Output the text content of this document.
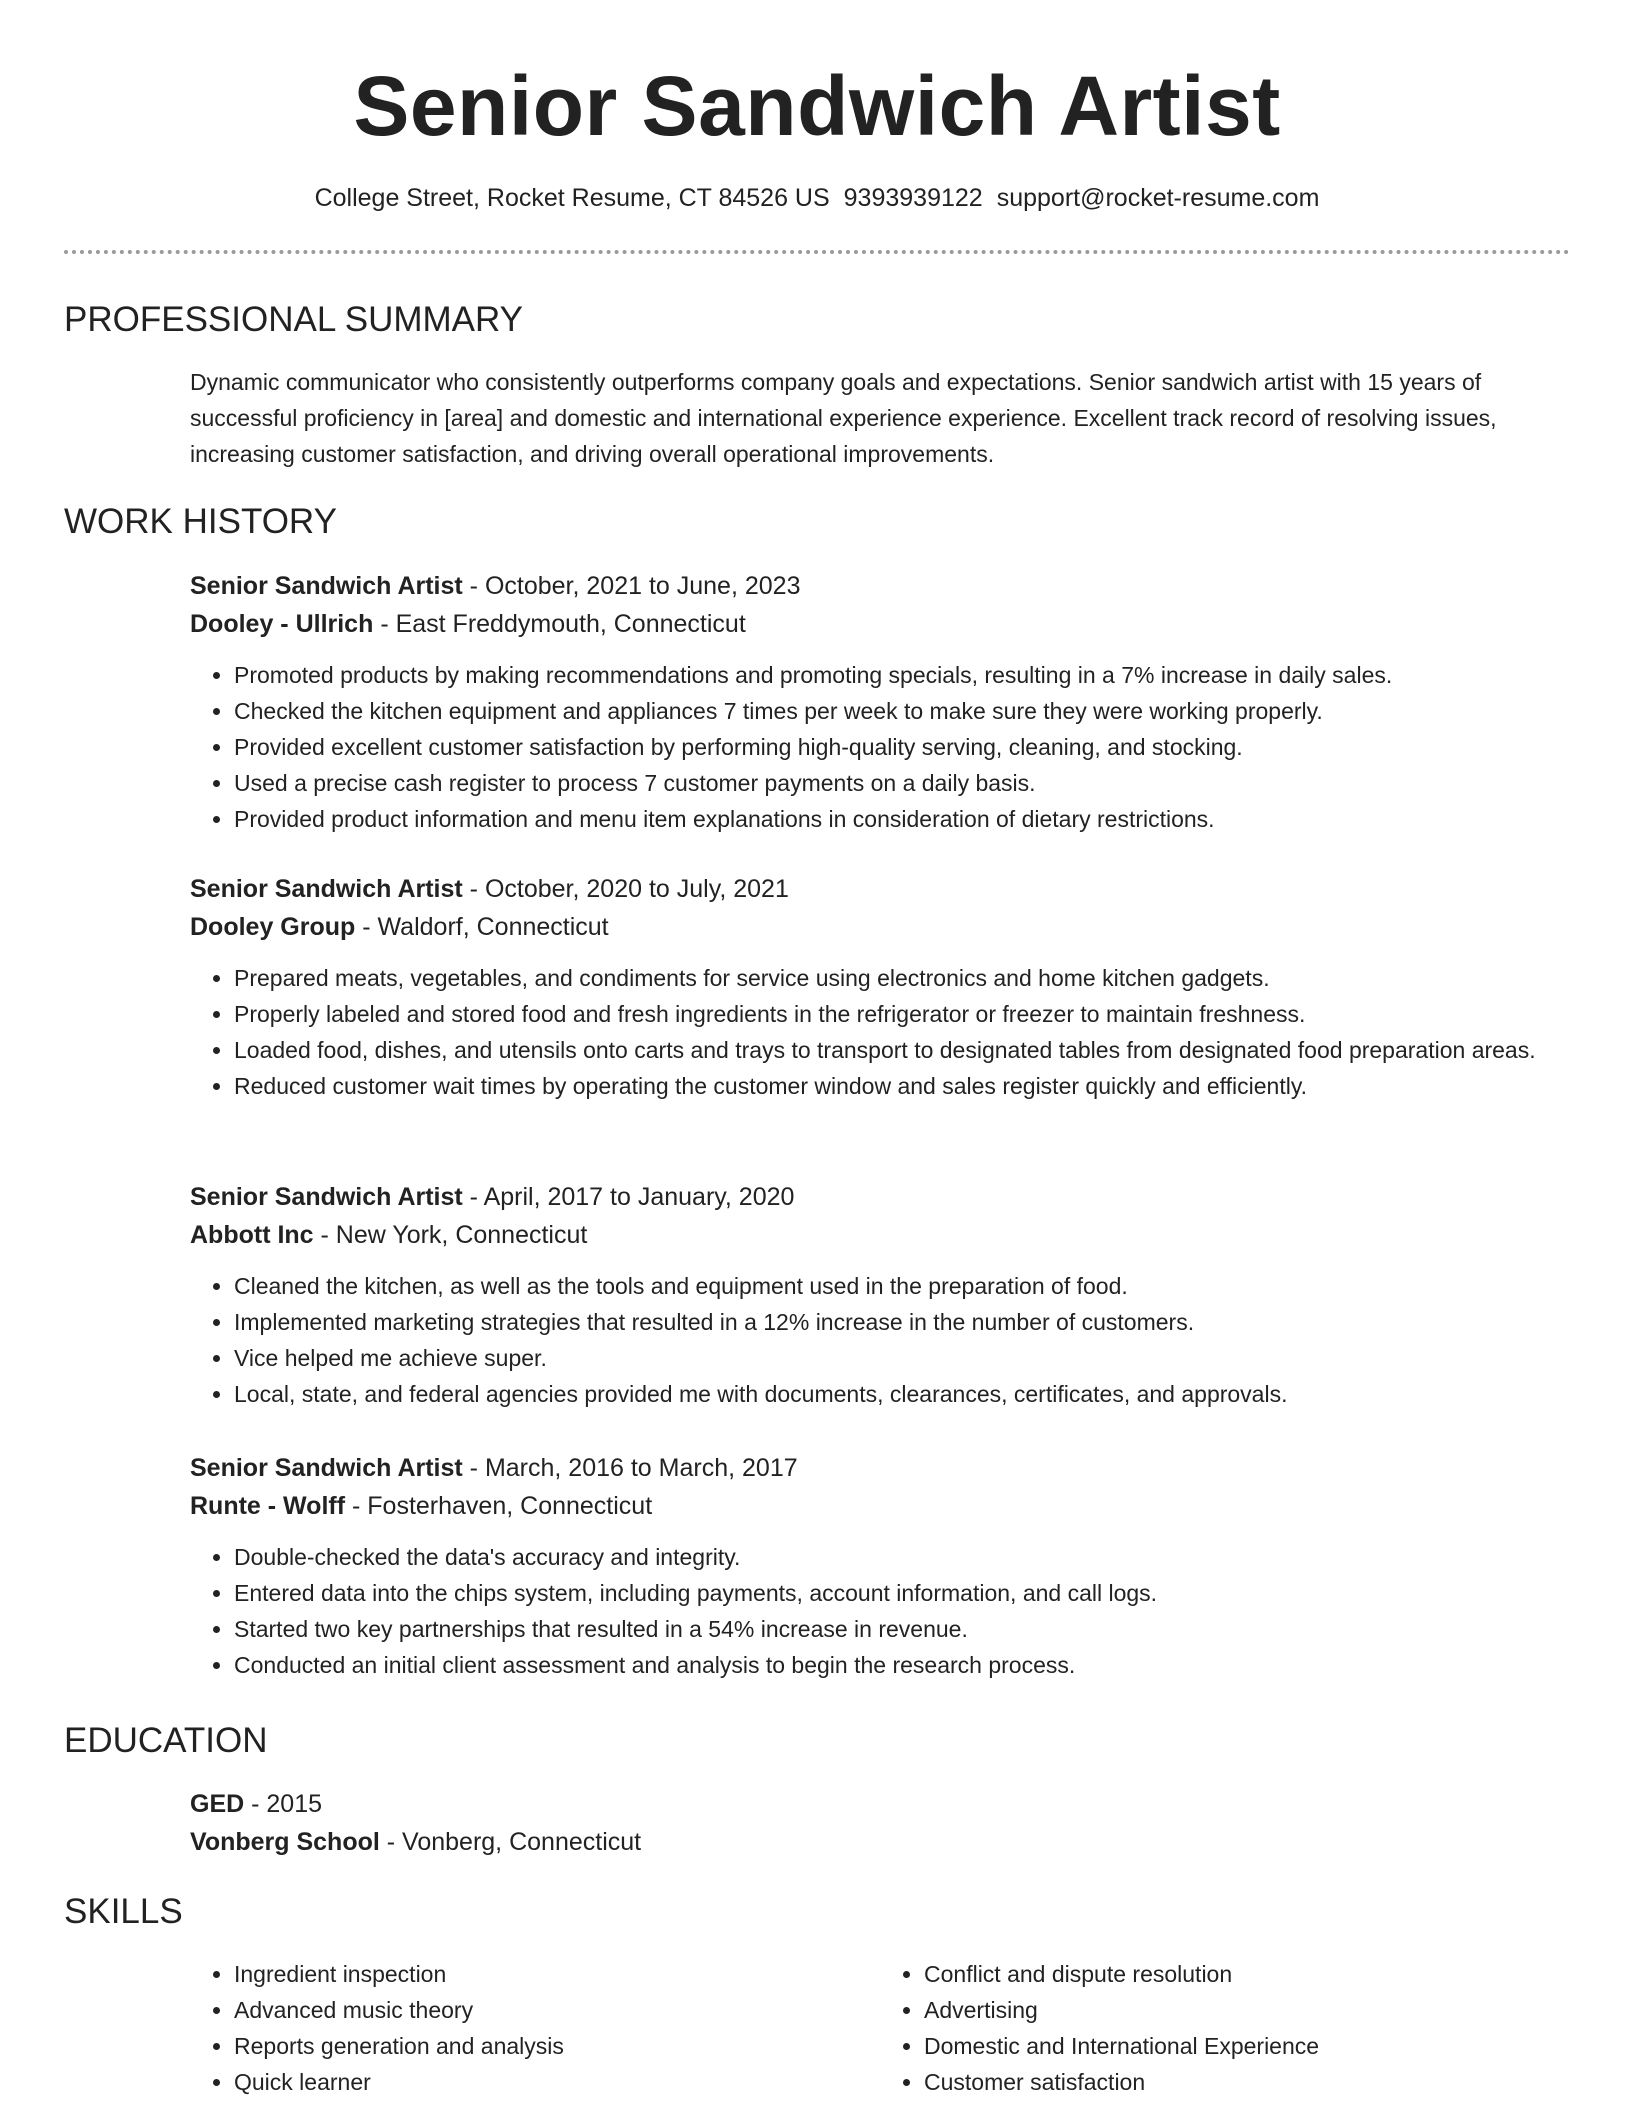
Senior Sandwich Artist
College Street, Rocket Resume, CT 84526 US 9393939122 support@rocket-resume.com
PROFESSIONAL SUMMARY

Dynamic communicator who consistently outperforms company goals and expectations. Senior sandwich artist with 15 years of successful proficiency in [area] and domestic and international experience experience. Excellent track record of resolving issues, increasing customer satisfaction, and driving overall operational improvements.

WORK HISTORY

Senior Sandwich Artist - October, 2021 to June, 2023

Dooley - Ullrich - East Freddymouth, Connecticut

• Promoted products by making recommendations and promoting specials, resulting in a 7% increase in daily sales.
• Checked the kitchen equipment and appliances 7 times per week to make sure they were working properly.
• Provided excellent customer satisfaction by performing high-quality serving, cleaning, and stocking.
• Used a precise cash register to process 7 customer payments on a daily basis.
• Provided product information and menu item explanations in consideration of dietary restrictions.

Senior Sandwich Artist - October, 2020 to July, 2021

Dooley Group - Waldorf, Connecticut

• Prepared meats, vegetables, and condiments for service using electronics and home kitchen gadgets.
• Properly labeled and stored food and fresh ingredients in the refrigerator or freezer to maintain freshness.
• Loaded food, dishes, and utensils onto carts and trays to transport to designated tables from designated food preparation areas.
• Reduced customer wait times by operating the customer window and sales register quickly and efficiently.

Senior Sandwich Artist - April, 2017 to January, 2020

Abbott Inc - New York, Connecticut

• Cleaned the kitchen, as well as the tools and equipment used in the preparation of food.
• Implemented marketing strategies that resulted in a 12% increase in the number of customers.
• Vice helped me achieve super.
• Local, state, and federal agencies provided me with documents, clearances, certificates, and approvals.

Senior Sandwich Artist - March, 2016 to March, 2017

Runte - Wolff - Fosterhaven, Connecticut

• Double-checked the data's accuracy and integrity.
• Entered data into the chips system, including payments, account information, and call logs.
• Started two key partnerships that resulted in a 54% increase in revenue.
• Conducted an initial client assessment and analysis to begin the research process.
EDUCATION

GED - 2015

Vonberg School - Vonberg, Connecticut

SKILLS
• Ingredient inspection
• Advanced music theory
• Reports generation and analysis
• Quick learner
• Conflict and dispute resolution
• Advertising
• Domestic and International Experience
• Customer satisfaction
